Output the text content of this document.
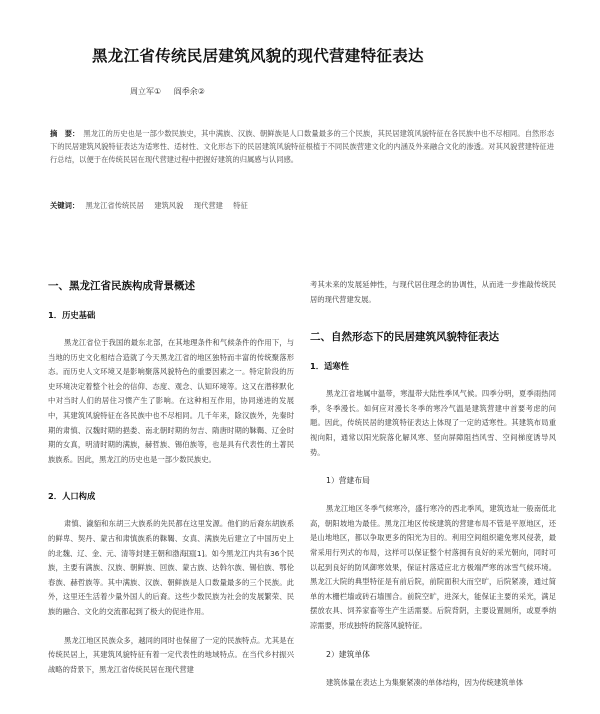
黑龙江省传统民居建筑风貌的现代营建特征表达
周立军① 阎季余②
摘　要： 黑龙江的历史也是一部少数民族史，其中满族、汉族、朝鲜族是人口数量最多的三个民族，其民居建筑风貌特征在各民族中也不尽相同。自然形态下的民居建筑风貌特征表达为适寒性、适材性、文化形态下的民居建筑风貌特征根植于不同民族营建文化的内涵及外来融合文化的渗透。对其风貌营建特征进行总结，以便于在传统民居在现代营建过程中把握好建筑的归属感与认同感。
关键词： 黑龙江省传统民居 建筑风貌 现代营建 特征
一、黑龙江省民族构成背景概述
1．历史基础

黑龙江省位于我国的最东北部，在其地理条件和气候条件的作用下，与当地的历史文化相结合造就了今天黑龙江省的地区独特而丰富的传统聚落形态。而历史人文环境又是影响聚落风貌特色的重要因素之一。特定阶段的历史环境决定着整个社会的信仰、态度、观念、认知环境等。这又在潜移默化中对当时人们的居住习惯产生了影响。在这种相互作用，协同递进的发展中，其建筑风貌特征在各民族中也不尽相同。几千年来，除汉族外，先秦时期的肃慎、汉魏时期的挹娄、南北朝时期的勿吉、隋唐时期的靺鞨、辽金时期的女真，明清时期的满族，赫哲族、锡伯族等，也是具有代表性的土著民族族系。因此，黑龙江的历史也是一部少数民族史。

2．人口构成

肃慎、濊貊和东胡三大族系的先民都在这里发源。他们的后裔东胡族系的鲜卑、契丹、蒙古和肃慎族系的靺鞨、女真、满族先后建立了中国历史上的北魏、辽、金、元、清等封建王朝和渤海国[1]。如今黑龙江内共有36个民族，主要有满族、汉族、朝鲜族、回族、蒙古族、达斡尔族、锡伯族、鄂伦春族、赫哲族等。其中满族、汉族、朝鲜族是人口数量最多的三个民族。此外，这里还生活着少量外国人的后裔。这些少数民族为社会的发展繁荣、民族的融合、文化的交流都起到了极大的促进作用。

黑龙江地区民族众多，越同的同时也保留了一定的民族特点。尤其是在传统民居上，其建筑风貌特征有着一定代表性的地域特点。在当代乡村振兴战略的背景下，黑龙江省传统民居在现代营建

考其未来的发展延伸性，与现代居住理念的协调性，从而进一步推敲传统民居的现代营建发展。

二、自然形态下的民居建筑风貌特征表达
1．适寒性

黑龙江省地属中温带，寒温带大陆性季风气候。四季分明，夏季雨热同季，冬季漫长。如何应对漫长冬季的寒冷气温是建筑营建中首要考虑的问题。因此，传统民居的建筑特征表达上体现了一定的适寒性。其建筑布局重视向阳，通常以阳光院落化解风寒、竖向屏障阻挡风雪、空间梯度诱导风势。

1）营建布局

黑龙江地区冬季气候寒冷，盛行寒冷的西北季风，建筑选址一般南低北高，朝阳坡地为最佳。黑龙江地区传统建筑的营建布局不管是平原地区，还是山地地区，都以争取更多的阳光为目的。利用空间组织避免寒风侵袭，最常采用行列式的布局，这样可以保证整个村落拥有良好的采光朝向，同时可以起到良好的防风御寒效果，保证村落适应北方极端严寒的冰雪气候环境。黑龙江大院的典型特征是有前后院，前院面积大而空旷，后院紧凑，通过简单的木栅栏墙或砖石墙围合。前院空旷，进深大，能保证主要的采光，满足摆放农具、饲养家畜等生产生活需要。后院背阴，主要设置厕所，或夏季纳凉需要，形成独特的院落风貌特征。

2）建筑单体

建筑体量在表达上为集聚紧凑的单体结构，因为传统建筑单体
